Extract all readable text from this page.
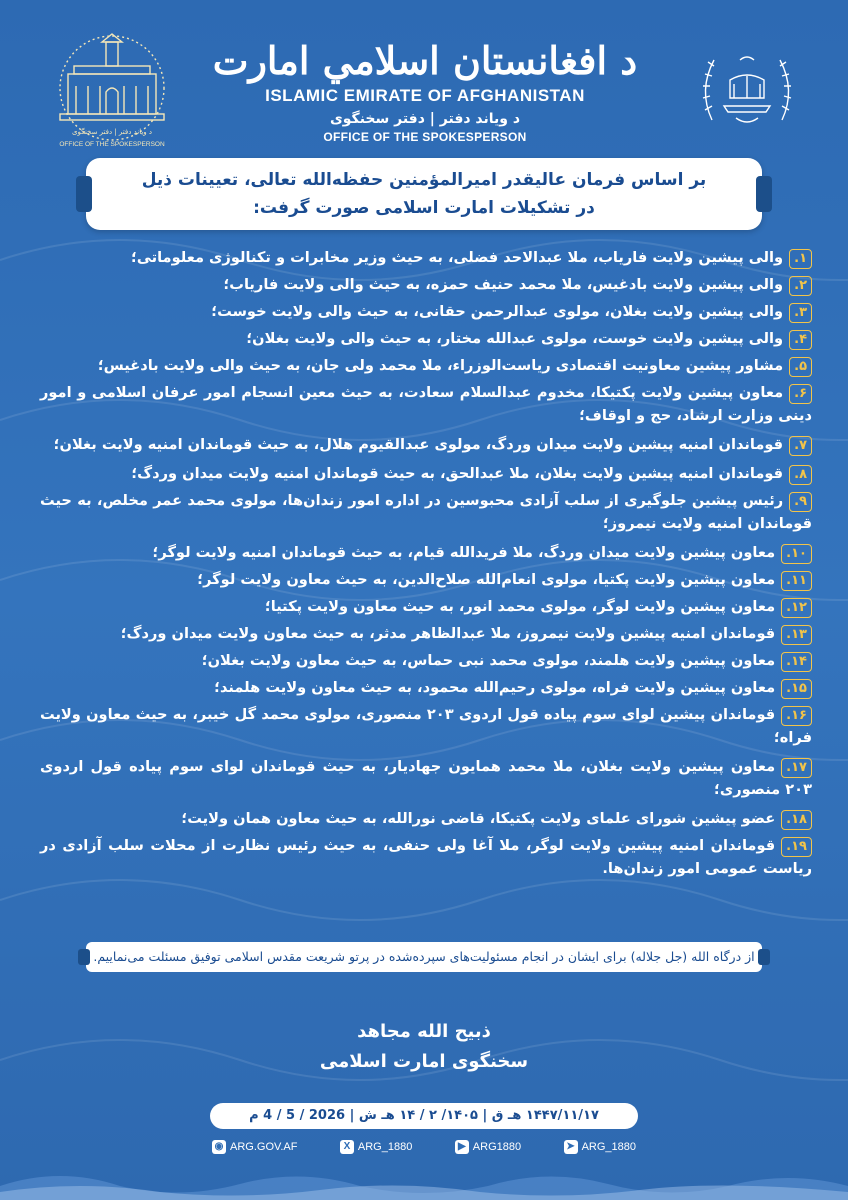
د ویانډ دفتر | دفتر سخنگوی
OFFICE OF THE SPOKESPERSON
د افغانستان اسلامي امارت
ISLAMIC EMIRATE OF AFGHANISTAN
د ویاند دفتر | دفتر سخنگوی
OFFICE OF THE SPOKESPERSON
بر اساس فرمان عالیقدر امیرالمؤمنین حفظه‌الله تعالی، تعیینات ذیل
در تشکیلات امارت اسلامی صورت گرفت:
۱.والی پیشین ولایت فاریاب، ملا عبدالاحد فضلی، به حیث وزیر مخابرات و تکنالوژی معلوماتی؛
۲.والی پیشین ولایت بادغیس، ملا محمد حنیف حمزه، به حیث والی ولایت فاریاب؛
۳.والی پیشین ولایت بغلان، مولوی عبدالرحمن حقانی، به حیث والی ولایت خوست؛
۴.والی پیشین ولایت خوست، مولوی عبدالله مختار، به حیث والی ولایت بغلان؛
۵.مشاور پیشین معاونیت اقتصادی ریاست‌الوزراء، ملا محمد ولی جان، به حیث والی ولایت بادغیس؛
۶.معاون پیشین ولایت پکتیکا، مخدوم عبدالسلام سعادت، به حیث معین انسجام امور عرفان اسلامی و امور دینی وزارت ارشاد، حج و اوقاف؛
۷.قوماندان امنیه پیشین ولایت میدان وردگ، مولوی عبدالقیوم هلال، به حیث قوماندان امنیه ولایت بغلان؛
۸.قوماندان امنیه پیشین ولایت بغلان، ملا عبدالحق، به حیث قوماندان امنیه ولایت میدان وردگ؛
۹.رئیس پیشین جلوگیری از سلب آزادی محبوسین در اداره امور زندان‌ها، مولوی محمد عمر مخلص، به حیث قوماندان امنیه ولایت نیمروز؛
۱۰.معاون پیشین ولایت میدان وردگ، ملا فریدالله قیام، به حیث قوماندان امنیه ولایت لوگر؛
۱۱.معاون پیشین ولایت پکتیا، مولوی انعام‌الله صلاح‌الدین، به حیث معاون ولایت لوگر؛
۱۲.معاون پیشین ولایت لوگر، مولوی محمد انور، به حیث معاون ولایت پکتیا؛
۱۳.قوماندان امنیه پیشین ولایت نیمروز، ملا عبدالظاهر مدثر، به حیث معاون ولایت میدان وردگ؛
۱۴.معاون پیشین ولایت هلمند، مولوی محمد نبی حماس، به حیث معاون ولایت بغلان؛
۱۵.معاون پیشین ولایت فراه، مولوی رحیم‌الله محمود، به حیث معاون ولایت هلمند؛
۱۶.قوماندان پیشین لوای سوم پیاده قول اردوی ۲۰۳ منصوری، مولوی محمد گل خیبر، به حیث معاون ولایت فراه؛
۱۷.معاون پیشین ولایت بغلان، ملا محمد همایون جهادیار، به حیث قوماندان لوای سوم پیاده قول اردوی ۲۰۳ منصوری؛
۱۸.عضو پیشین شورای علمای ولایت پکتیکا، قاضی نورالله، به حیث معاون همان ولایت؛
۱۹.قوماندان امنیه پیشین ولایت لوگر، ملا آغا ولی حنفی، به حیث رئیس نظارت از محلات سلب آزادی در ریاست عمومی امور زندان‌ها.
از درگاه الله (جل جلاله) برای ایشان در انجام مسئولیت‌های سپرده‌شده در پرتو شریعت مقدس اسلامی توفیق مسئلت می‌نماییم.
ذبیح الله مجاهد
سخنگوی امارت اسلامی
۱۴۴۷/۱۱/۱۷ هـ ق | ۱۴۰۵/ ۲ / ۱۴ هـ ش | 2026 / 5 / 4 م
◉ ARG.GOV.AF	X ARG_1880	▶ ARG1880	➤ ARG_1880
